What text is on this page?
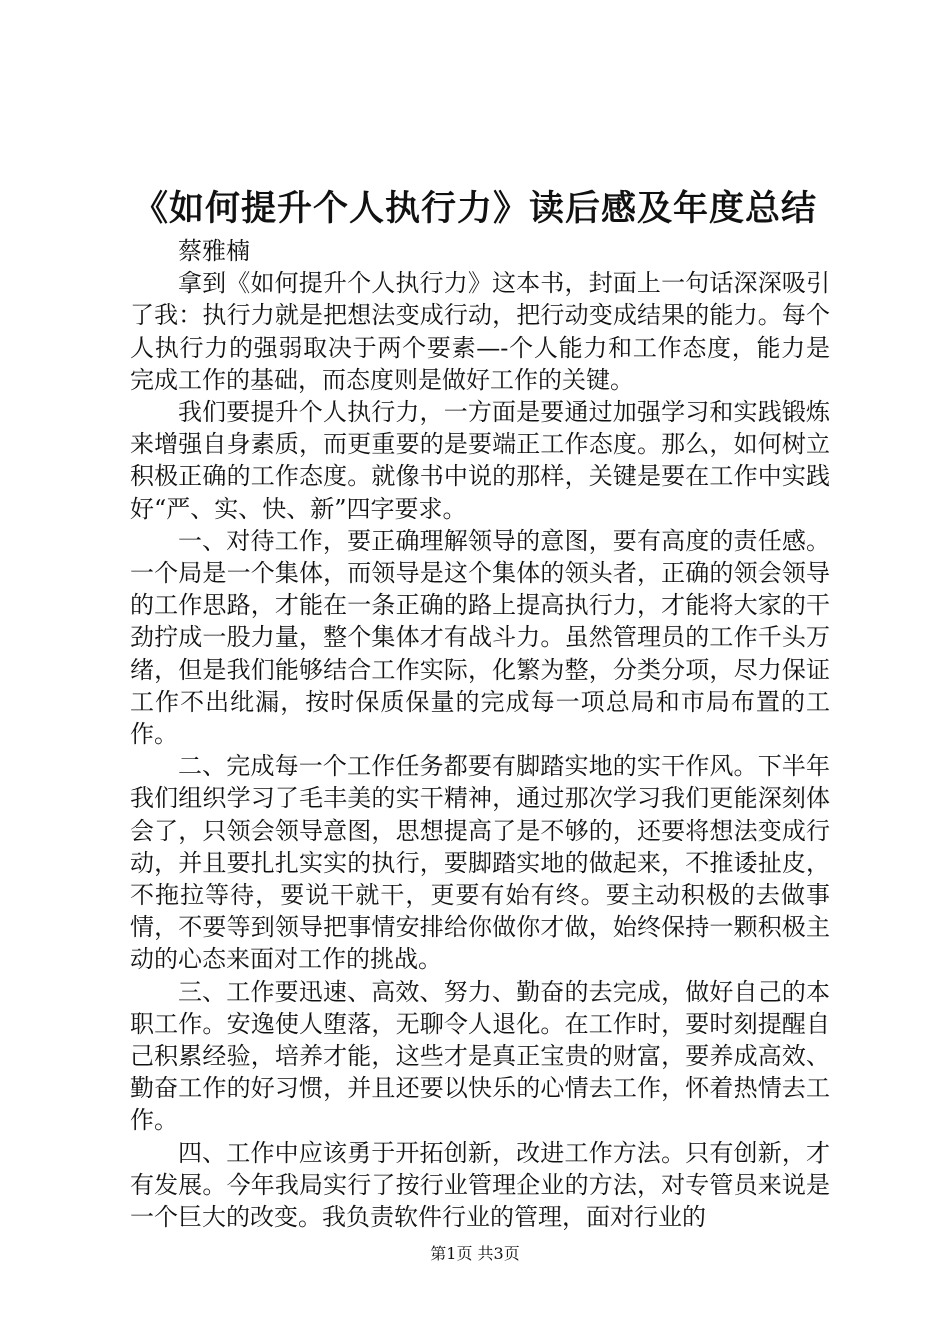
《如何提升个人执行力》读后感及年度总结

蔡雅楠

拿到《如何提升个人执行力》这本书，封面上一句话深深吸引了我：执行力就是把想法变成行动，把行动变成结果的能力。每个人执行力的强弱取决于两个要素—-个人能力和工作态度，能力是完成工作的基础，而态度则是做好工作的关键。

我们要提升个人执行力，一方面是要通过加强学习和实践锻炼来增强自身素质，而更重要的是要端正工作态度。那么，如何树立积极正确的工作态度。就像书中说的那样，关键是要在工作中实践好“严、实、快、新”四字要求。

一、对待工作，要正确理解领导的意图，要有高度的责任感。一个局是一个集体，而领导是这个集体的领头者，正确的领会领导的工作思路，才能在一条正确的路上提高执行力，才能将大家的干劲拧成一股力量，整个集体才有战斗力。虽然管理员的工作千头万绪，但是我们能够结合工作实际，化繁为整，分类分项，尽力保证工作不出纰漏，按时保质保量的完成每一项总局和市局布置的工作。

二、完成每一个工作任务都要有脚踏实地的实干作风。下半年我们组织学习了毛丰美的实干精神，通过那次学习我们更能深刻体会了，只领会领导意图，思想提高了是不够的，还要将想法变成行动，并且要扎扎实实的执行，要脚踏实地的做起来，不推诿扯皮，不拖拉等待，要说干就干，更要有始有终。要主动积极的去做事情，不要等到领导把事情安排给你做你才做，始终保持一颗积极主动的心态来面对工作的挑战。

三、工作要迅速、高效、努力、勤奋的去完成，做好自己的本职工作。安逸使人堕落，无聊令人退化。在工作时，要时刻提醒自己积累经验，培养才能，这些才是真正宝贵的财富，要养成高效、勤奋工作的好习惯，并且还要以快乐的心情去工作，怀着热情去工作。

四、工作中应该勇于开拓创新，改进工作方法。只有创新，才有发展。今年我局实行了按行业管理企业的方法，对专管员来说是一个巨大的改变。我负责软件行业的管理，面对行业的

第1页 共3页
